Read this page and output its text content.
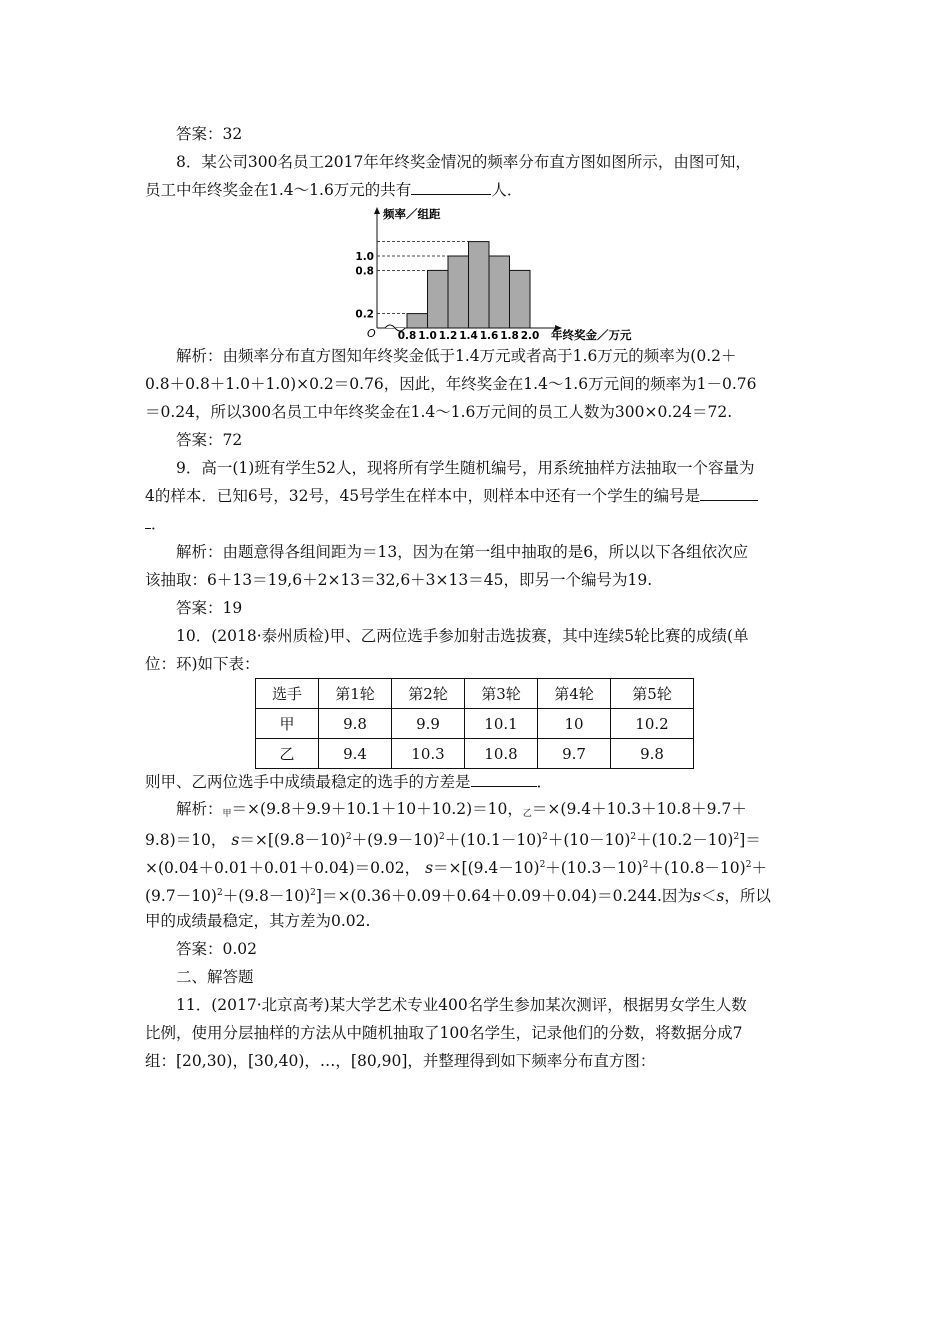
答案：32
8．某公司300名员工2017年年终奖金情况的频率分布直方图如图所示，由图可知，
员工中年终奖金在1.4～1.6万元的共有	人．
频率／组距
年终奖金／万元
O 0.8 1.0 1.2 1.4 1.6 1.8 2.0
0.2
0.8
1.0
解析：由频率分布直方图知年终奖金低于1.4万元或者高于1.6万元的频率为(0.2＋
0.8＋0.8＋1.0＋1.0)×0.2＝0.76，因此，年终奖金在1.4～1.6万元间的频率为1－0.76
＝0.24，所以300名员工中年终奖金在1.4～1.6万元间的员工人数为300×0.24＝72.
答案：72
9．高一(1)班有学生52人，现将所有学生随机编号，用系统抽样方法抽取一个容量为
4的样本．已知6号，32号，45号学生在样本中，则样本中还有一个学生的编号是
．
解析：由题意得各组间距为＝13，因为在第一组中抽取的是6，所以以下各组依次应
该抽取：6＋13＝19,6＋2×13＝32,6＋3×13＝45，即另一个编号为19.
答案：19
10．(2018·泰州质检)甲、乙两位选手参加射击选拔赛，其中连续5轮比赛的成绩(单
位：环)如下表：
选手	第1轮	第2轮	第3轮	第4轮	第5轮
甲	9.8	9.9	10.1	10	10.2
乙	9.4	10.3	10.8	9.7	9.8
则甲、乙两位选手中成绩最稳定的选手的方差是	．
解析：$_甲$＝×(9.8＋9.9＋10.1＋10＋10.2)＝10，$_乙$＝×(9.4＋10.3＋10.8＋9.7＋
9.8)＝10， $s=\times[(9.8-10)^2+(9.9-10)^2+(10.1-10)^2+(10-10)^2+(10.2-10)^2]=$
×(0.04＋0.01＋0.01＋0.04)＝0.02， $s=\times[(9.4-10)^2+(10.3-10)^2+(10.8-10)^2+$
$(9.7-10)^2+(9.8-10)^2]=\times(0.36+0.09+0.64+0.09+0.04)=0.244$.因为s＜s，所以
甲的成绩最稳定，其方差为0.02.
答案：0.02
二、解答题
11．(2017·北京高考)某大学艺术专业400名学生参加某次测评，根据男女学生人数
比例，使用分层抽样的方法从中随机抽取了100名学生，记录他们的分数，将数据分成7
组：[20,30)，[30,40)，…，[80,90]，并整理得到如下频率分布直方图：
